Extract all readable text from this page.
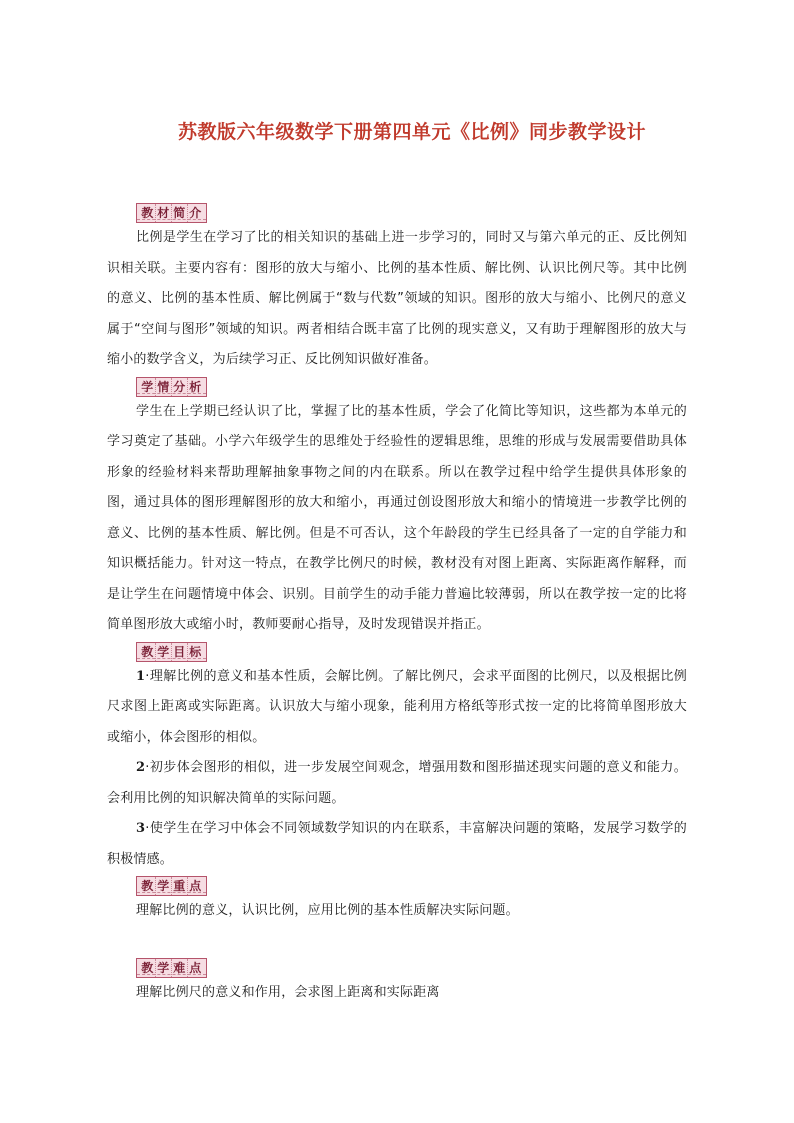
苏教版六年级数学下册第四单元《比例》同步教学设计
教 材 简 介

比例是学生在学习了比的相关知识的基础上进一步学习的，同时又与第六单元的正、反比例知识相关联。主要内容有：图形的放大与缩小、比例的基本性质、解比例、认识比例尺等。其中比例的意义、比例的基本性质、解比例属于“数与代数”领域的知识。图形的放大与缩小、比例尺的意义属于“空间与图形”领域的知识。两者相结合既丰富了比例的现实意义，又有助于理解图形的放大与缩小的数学含义，为后续学习正、反比例知识做好准备。

学 情 分 析

学生在上学期已经认识了比，掌握了比的基本性质，学会了化简比等知识，这些都为本单元的学习奠定了基础。小学六年级学生的思维处于经验性的逻辑思维，思维的形成与发展需要借助具体形象的经验材料来帮助理解抽象事物之间的内在联系。所以在教学过程中给学生提供具体形象的图，通过具体的图形理解图形的放大和缩小，再通过创设图形放大和缩小的情境进一步教学比例的意义、比例的基本性质、解比例。但是不可否认，这个年龄段的学生已经具备了一定的自学能力和知识概括能力。针对这一特点，在教学比例尺的时候，教材没有对图上距离、实际距离作解释，而是让学生在问题情境中体会、识别。目前学生的动手能力普遍比较薄弱，所以在教学按一定的比将简单图形放大或缩小时，教师要耐心指导，及时发现错误并指正。

教 学 目 标

1·理解比例的意义和基本性质，会解比例。了解比例尺，会求平面图的比例尺，以及根据比例尺求图上距离或实际距离。认识放大与缩小现象，能利用方格纸等形式按一定的比将简单图形放大或缩小，体会图形的相似。

2·初步体会图形的相似，进一步发展空间观念，增强用数和图形描述现实问题的意义和能力。会利用比例的知识解决简单的实际问题。

3·使学生在学习中体会不同领域数学知识的内在联系，丰富解决问题的策略，发展学习数学的积极情感。

教 学 重 点

理解比例的意义，认识比例，应用比例的基本性质解决实际问题。

教 学 难 点

理解比例尺的意义和作用，会求图上距离和实际距离
